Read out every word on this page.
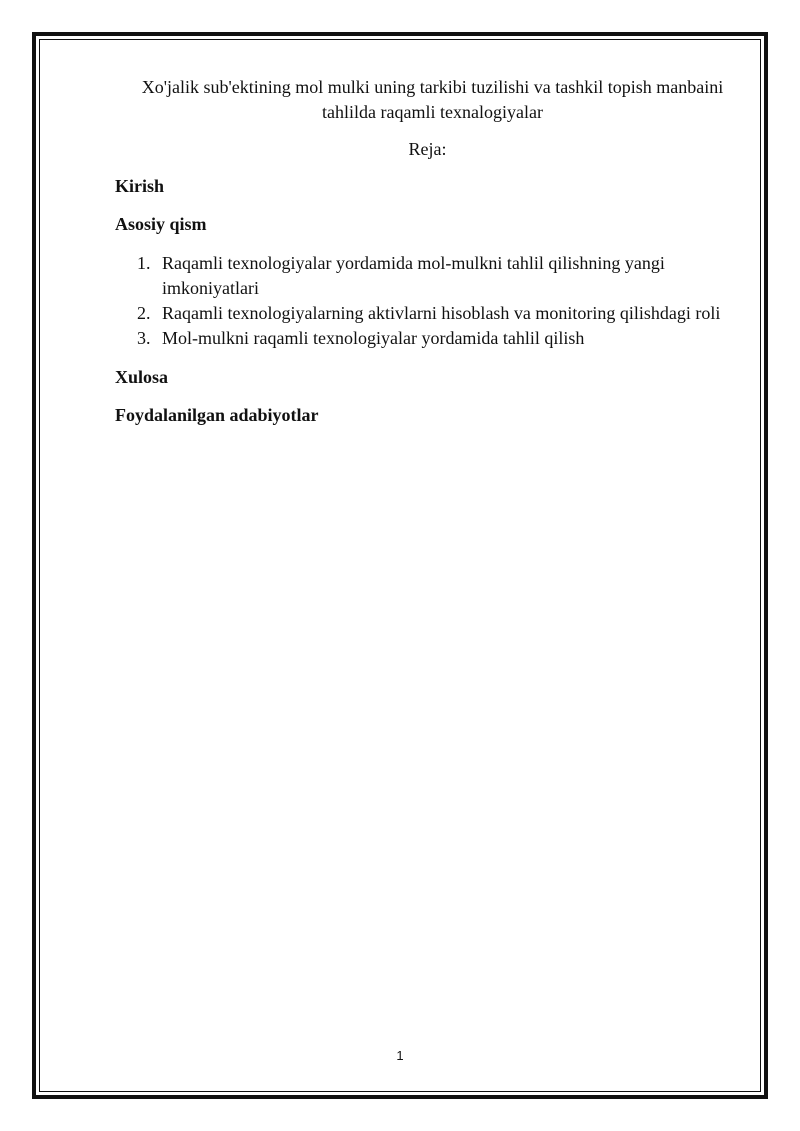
Xo'jalik sub'ektining mol mulki uning tarkibi tuzilishi va tashkil topish manbaini tahlilda raqamli texnalogiyalar

Reja:

Kirish

Asosiy qism

1. Raqamli texnologiyalar yordamida mol-mulkni tahlil qilishning yangi imkoniyatlari
2. Raqamli texnologiyalarning aktivlarni hisoblash va monitoring qilishdagi roli
3. Mol-mulkni raqamli texnologiyalar yordamida tahlil qilish

Xulosa

Foydalanilgan adabiyotlar

1
